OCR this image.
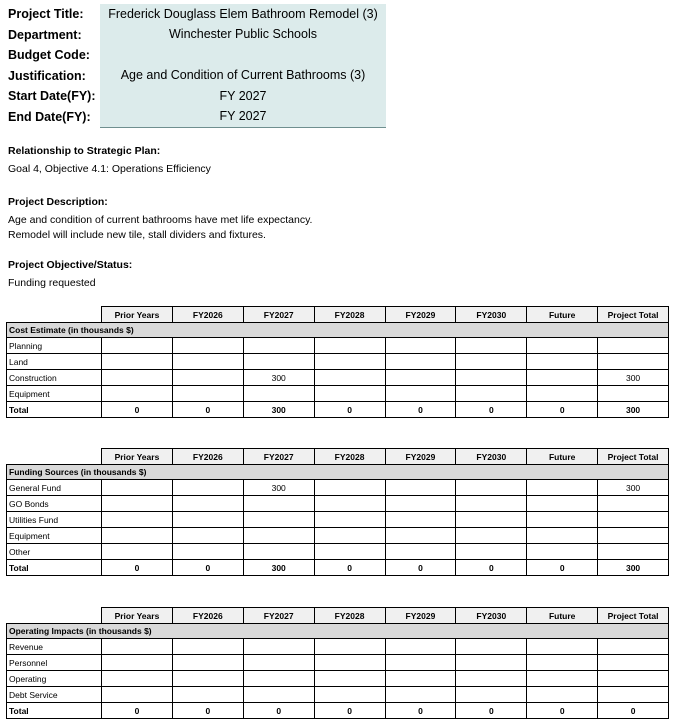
Project Title:	Frederick Douglass Elem Bathroom Remodel (3)
Department:	Winchester Public Schools
Budget Code:
Justification:	Age and Condition of Current Bathrooms (3)
Start Date(FY):	FY 2027
End Date(FY):	FY 2027
Relationship to Strategic Plan:
Goal 4, Objective 4.1: Operations Efficiency
Project Description:
Age and condition of current bathrooms have met life expectancy.
Remodel will include new tile, stall dividers and fixtures.
Project Objective/Status:
Funding requested
	Prior Years	FY2026	FY2027	FY2028	FY2029	FY2030	Future	Project Total
Cost Estimate (in thousands $)								
Planning								
Land								
Construction			300					300
Equipment								
Total	0	0	300	0	0	0	0	300
	Prior Years	FY2026	FY2027	FY2028	FY2029	FY2030	Future	Project Total
Funding Sources (in thousands $)								
General Fund			300					300
GO Bonds								
Utilities Fund								
Equipment								
Other								
Total	0	0	300	0	0	0	0	300
	Prior Years	FY2026	FY2027	FY2028	FY2029	FY2030	Future	Project Total
Operating Impacts (in thousands $)								
Revenue								
Personnel								
Operating								
Debt Service								
Total	0	0	0	0	0	0	0	0
